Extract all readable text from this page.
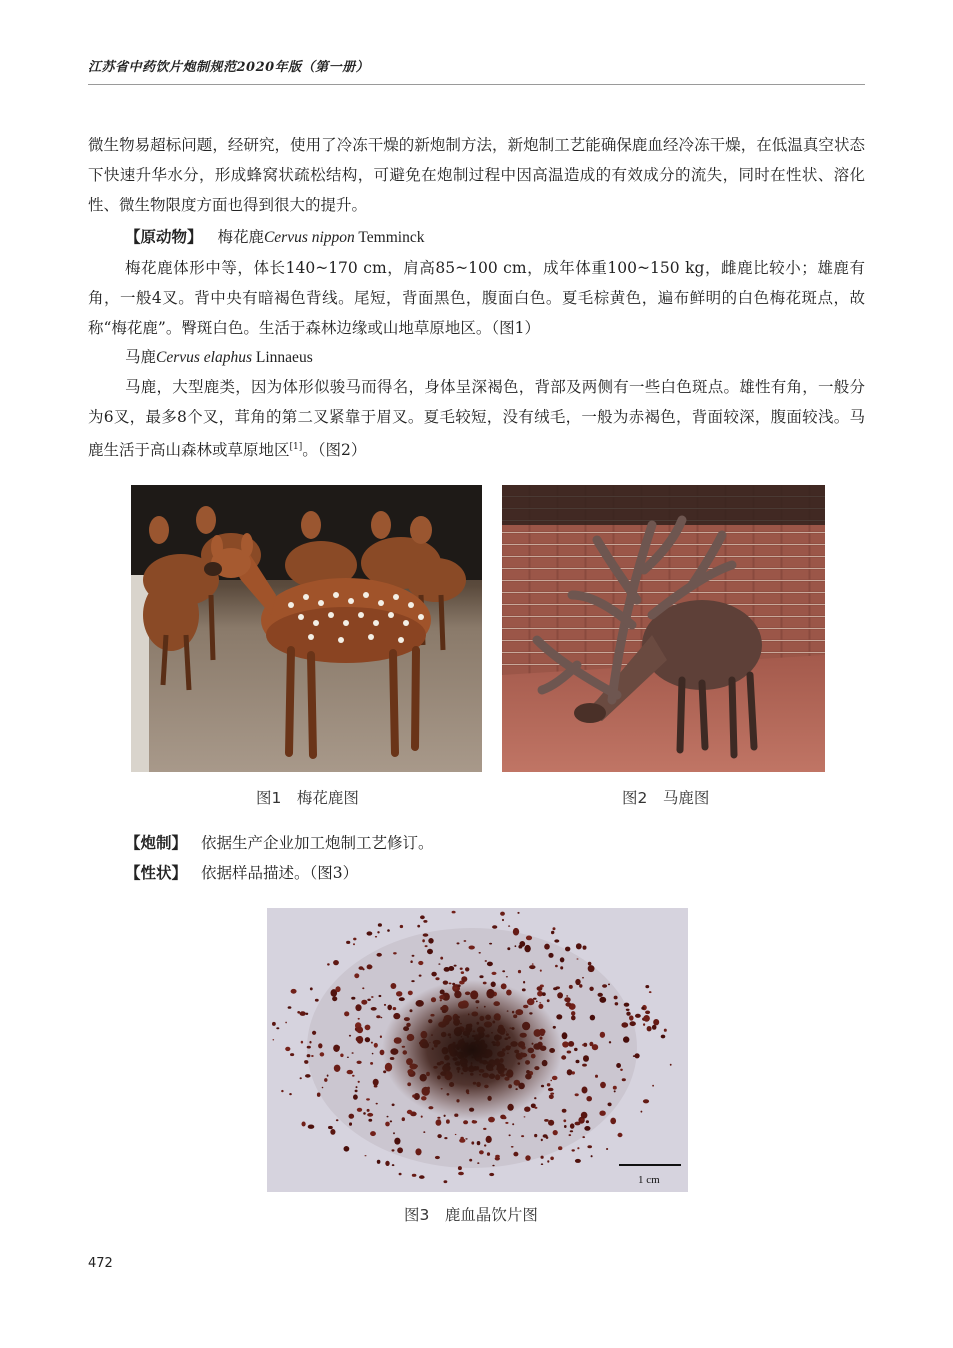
江苏省中药饮片炮制规范2020年版（第一册）
微生物易超标问题，经研究，使用了冷冻干燥的新炮制方法，新炮制工艺能确保鹿血经冷冻干燥，在低温真空状态下快速升华水分，形成蜂窝状疏松结构，可避免在炮制过程中因高温造成的有效成分的流失，同时在性状、溶化性、微生物限度方面也得到很大的提升。
【原动物】 梅花鹿Cervus nippon Temminck
梅花鹿体形中等，体长140~170 cm，肩高85~100 cm，成年体重100~150 kg，雌鹿比较小；雄鹿有角，一般4叉。背中央有暗褐色背线。尾短，背面黑色，腹面白色。夏毛棕黄色，遍布鲜明的白色梅花斑点，故称“梅花鹿”。臀斑白色。生活于森林边缘或山地草原地区。（图1）
马鹿Cervus elaphus Linnaeus
马鹿，大型鹿类，因为体形似骏马而得名，身体呈深褐色，背部及两侧有一些白色斑点。雄性有角，一般分为6叉，最多8个叉，茸角的第二叉紧靠于眉叉。夏毛较短，没有绒毛，一般为赤褐色，背面较深，腹面较浅。马鹿生活于高山森林或草原地区[1]。（图2）
图1　梅花鹿图	图2　马鹿图
【炮制】 依据生产企业加工炮制工艺修订。
【性状】 依据样品描述。（图3）
1 cm
图3　鹿血晶饮片图
472
